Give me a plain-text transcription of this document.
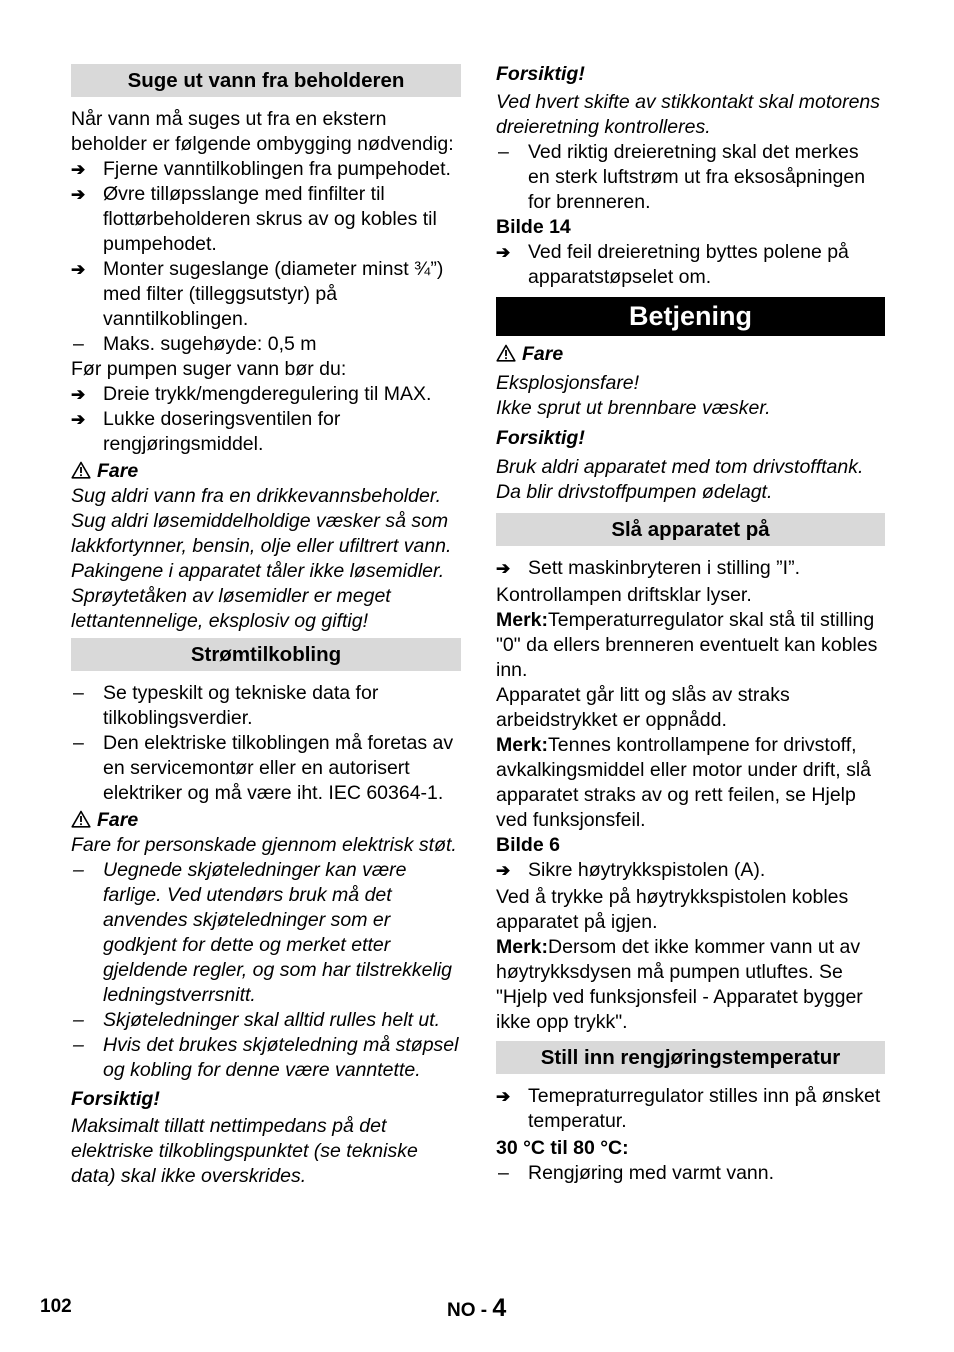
Suge ut vann fra beholderen

Når vann må suges ut fra en ekstern beholder er følgende ombygging nødvendig:

➔ Fjerne vanntilkoblingen fra pumpehodet.
➔ Øvre tilløpsslange med finfilter til flottørbeholderen skrus av og kobles til pumpehodet.
➔ Monter sugeslange (diameter minst ¾”) med filter (tilleggsutstyr) på vanntilkoblingen.
– Maks. sugehøyde: 0,5 m

Før pumpen suger vann bør du:

➔ Dreie trykk/mengderegulering til MAX.
➔ Lukke doseringsventilen for rengjøringsmiddel.

Fare

Sug aldri vann fra en drikkevannsbeholder. Sug aldri løsemiddelholdige væsker så som lakkfortynner, bensin, olje eller ufiltrert vann. Pakingene i apparatet tåler ikke løsemidler. Sprøytetåken av løsemidler er meget lettantennelige, eksplosiv og giftig!

Strømtilkobling
– Se typeskilt og tekniske data for tilkoblingsverdier.
– Den elektriske tilkoblingen må foretas av en servicemontør eller en autorisert elektriker og må være iht. IEC 60364-1.

Fare

Fare for personskade gjennom elektrisk støt.

– Uegnede skjøteledninger kan være farlige. Ved utendørs bruk må det anvendes skjøteledninger som er godkjent for dette og merket etter gjeldende regler, og som har tilstrekkelig ledningstverrsnitt.
– Skjøteledninger skal alltid rulles helt ut.
– Hvis det brukes skjøteledning må støpsel og kobling for denne være vanntette.

Forsiktig!

Maksimalt tillatt nettimpedans på det elektriske tilkoblingspunktet (se tekniske data) skal ikke overskrides.

Forsiktig!

Ved hvert skifte av stikkontakt skal motorens dreieretning kontrolleres.

– Ved riktig dreieretning skal det merkes en sterk luftstrøm ut fra eksosåpningen for brenneren.

Bilde 14

➔ Ved feil dreieretning byttes polene på apparatstøpselet om.
Betjening

Fare

Eksplosjonsfare!

Ikke sprut ut brennbare væsker.

Forsiktig!

Bruk aldri apparatet med tom drivstofftank. Da blir drivstoffpumpen ødelagt.

Slå apparatet på
➔ Sett maskinbryteren i stilling ”I”.

Kontrollampen driftsklar lyser.

Merk:Temperaturregulator skal stå til stilling "0" da ellers brenneren eventuelt kan kobles inn.

Apparatet går litt og slås av straks arbeidstrykket er oppnådd.

Merk:Tennes kontrollampene for drivstoff, avkalkingsmiddel eller motor under drift, slå apparatet straks av og rett feilen, se Hjelp ved funksjonsfeil.

Bilde 6

➔ Sikre høytrykkspistolen (A).

Ved å trykke på høytrykkspistolen kobles apparatet på igjen.

Merk:Dersom det ikke kommer vann ut av høytrykksdysen må pumpen utluftes. Se "Hjelp ved funksjonsfeil - Apparatet bygger ikke opp trykk".

Still inn rengjøringstemperatur
➔ Temepraturregulator stilles inn på ønsket temperatur.

30 °C til 80 °C:

– Rengjøring med varmt vann.
102	NO - 4
